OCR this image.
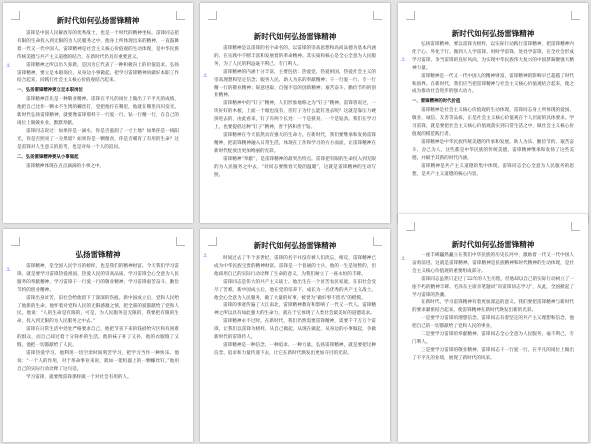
新时代如何弘扬雷锋精神
⚓

雷锋是中国人民解放军的优秀战士，也是一个时代的精神坐标。雷锋同志把有限的生命投入到无限的为人民服务之中，他身上所体现出来的精神，一直鼓舞着一代又一代中国人。雷锋精神是社会主义核心价值观的生动体现，是中华民族传统美德与共产主义道德的结合，在新时代仍具有重要意义。

雷锋精神之所以历久弥新，是因为它代表了一种积极向上的价值追求。弘扬雷锋精神，要立足本职岗位，从身边小事做起，把学习雷锋精神同做好本职工作结合起来，同践行社会主义核心价值观结合起来。

一、弘扬雷锋精神要立足本职岗位

雷锋精神首先是一种敬业精神。雷锋在平凡的岗位上做出了不平凡的成绩，他把自己比作一颗永不生锈的螺丝钉，党把他拧在哪里，他就在哪里闪闪发光。新时代弘扬雷锋精神，就要像雷锋那样干一行爱一行、钻一行精一行，在自己的岗位上兢兢业业、默默奉献。

雷锋同志说过：如果你是一滴水，你是否滋润了一寸土地？如果你是一线阳光，你是否照亮了一分黑暗？如果你是一颗粮食，你是否哺育了有用的生命？这是雷锋对人生意义的思考，也是对每一个人的追问。

二、弘扬雷锋精神要从小事做起

雷锋精神体现在点点滴滴的小事之中。

新时代如何弘扬雷锋精神
⚓

雷锋精神是以雷锋的名字命名的、以雷锋的崇高思想和高尚品德为基本内涵的、在实践中不断丰富和发展着的革命精神。其实质和核心是全心全意为人民服务，为了人民的利益毫不利己、专门利人。

雷锋精神的内涵十分丰富，主要包括：热爱党、热爱祖国、热爱社会主义的崇高理想和坚定信念；服务人民、助人为乐的奉献精神；干一行爱一行、专一行精一行的敬业精神；锐意进取、自强不息的创新精神；艰苦奋斗、勤俭节约的创业精神。

雷锋精神中的“钉子”精神，人们形象地称之为“钉子”精神。雷锋曾说过，一块好好的木板，上面一个眼也没有，但钉子为什么能钉进去呢？这就是靠压力硬挤进去的，由此看来，钉子有两个长处：一个是挤劲，一个是钻劲。我们在学习上，也要提倡这种“钉子”精神，善于挤和善于钻。

雷锋精神在今天依然具有强大的生命力。在新时代，我们要继承和发扬雷锋精神，把雷锋精神融入日常生活，体现在工作和学习的方方面面，让雷锋精神在新时代绽放出更加绚丽的光彩。

雷锋精神“奉献”，是雷锋精神的最突出特点。雷锋把有限的生命投入到无限的为人民服务之中去，“对同志要像春天般的温暖”，这就是雷锋精神的生动写照。

新时代如何弘扬雷锋精神
⚓

弘扬雷锋精神，要以雷锋为榜样，以实际行动践行雷锋精神，把雷锋精神内化于心、外化于行。做到人人学雷锋、时时学雷锋、处处学雷锋，在全社会形成学习雷锋、争当雷锋的良好风尚，为实现中华民族伟大复兴的中国梦凝聚强大精神力量。

雷锋精神是一代又一代中国人的精神财富，雷锋精神的影响早已超越了时代和国界。在新时代，我们应当把雷锋精神与社会主义核心价值观结合起来，使之成为推动社会进步的强大动力。

一、雷锋精神的时代价值

雷锋精神是社会主义核心价值观的生动体现。雷锋同志身上所体现的爱国、敬业、诚信、友善等品质，正是社会主义核心价值观在个人层面的具体要求。学习雷锋，就是要把社会主义核心价值观落实到日常生活之中，做社会主义核心价值观的模范践行者。

雷锋精神是中华民族传统美德的传承和发展。助人为乐、勤俭节约、艰苦奋斗、舍己为人，这些都是中华民族的传统美德。雷锋精神继承和发扬了这些美德，并赋予其新的时代内涵。

雷锋精神是共产主义道德的集中体现。雷锋同志全心全意为人民服务的思想，是共产主义道德的核心内容。

弘扬雷锋精神
⚓

雷锋精神，是全国人民学习的榜样，也是我们的精神财富。今天我们学习雷锋，就是要学习雷锋热爱祖国、热爱人民的崇高品质，学习雷锋全心全意为人民服务的奉献精神，学习雷锋干一行爱一行的敬业精神，学习雷锋艰苦奋斗、勤俭节约的创业精神。

雷锋出身贫苦，旧社会给他留下了深深的伤痕。新中国成立后，党和人民给了他新的生命。他怀着对党和人民的无限感激之情，把全部的爱都献给了党和人民。他说：“人的生命是有限的，可是，为人民服务是无限的，我要把有限的生命，投入到无限的为人民服务之中去。”

雷锋在日常生活中处处严格要求自己，他把节省下来的钱捐给灾区和有困难的群众，而自己却过着十分简朴的生活。他的袜子补了又补，他的衣服缝了又缝，他把一切都献给了人民。

雷锋热爱学习，他利用一切空余时间刻苦学习，把学习当作一种快乐。他说：“一个人的作用，对于革命事业来说，就如一架机器上的一颗螺丝钉。”他用自己的实际行动诠释了这句话。

学习雷锋，就要像雷锋那样做一个对社会有用的人。

新时代如何弘扬雷锋精神
⚓	时间过去了半个多世纪，雷锋的名字并没有被人们淡忘，相反，雷锋精神已成为中华民族宝贵的精神财富。雷锋是一个普通的士兵，他的一生是短暂的，但他却用自己的实际行动诠释了生命的意义，为我们树立了一座永恒的丰碑。

雷锋同志是伟大的共产主义战士。他出生在一个贫苦农民家庭，在旧社会受尽了苦难。新中国成立后，他在党的培养下，成长为一名优秀的共产主义战士。他全心全意为人民服务，做了大量的好事，被誉为“做好事不留名”的楷模。

雷锋的事迹传遍了大江南北，雷锋精神教育和影响了一代又一代人。雷锋精神之所以具有如此强大的生命力，就在于它体现了人类社会最美好的道德追求。

雷锋精神永不过时。在新时代，我们仍然需要雷锋精神，需要千千万万个雷锋。让我们以雷锋为榜样，从自己做起，从现在做起，从身边的小事做起，争做新时代的雷锋传人。

雷锋精神是一种信念、一种追求、一种力量。弘扬雷锋精神，就是要把这种信念、追求和力量传递下去，让它在新时代焕发出更加夺目的光彩。

新时代如何弘扬雷锋精神
⚓

一座丰碑巍然矗立在我们中华民族的历史长河中，激励着一代又一代中国人奋勇前进。这就是雷锋精神。雷锋精神是民族精神和时代精神的生动体现，是社会主义核心价值观的重要组成部分。

雷锋同志虽然只走过了22年的人生历程，但他却以自己的实际行动树立了一座不朽的精神丰碑。毛泽东主席亲笔题词“向雷锋同志学习”，从此，全国掀起了学习雷锋的热潮。

在新时代，学习雷锋精神有着更加深远的意义。我们要把雷锋精神与新时代的要求紧密结合起来，使雷锋精神在新时代焕发出新的光彩。

一是要学习雷锋的理想信念。雷锋同志有着坚定的共产主义理想和信念，他把自己的一切都献给了党和人民的事业。

二是要学习雷锋的奉献精神。雷锋同志全心全意为人民服务，毫不利己，专门利人。

三是要学习雷锋的敬业精神。雷锋同志干一行爱一行，在平凡的岗位上做出了不平凡的业绩，展现了新时代的风采。
